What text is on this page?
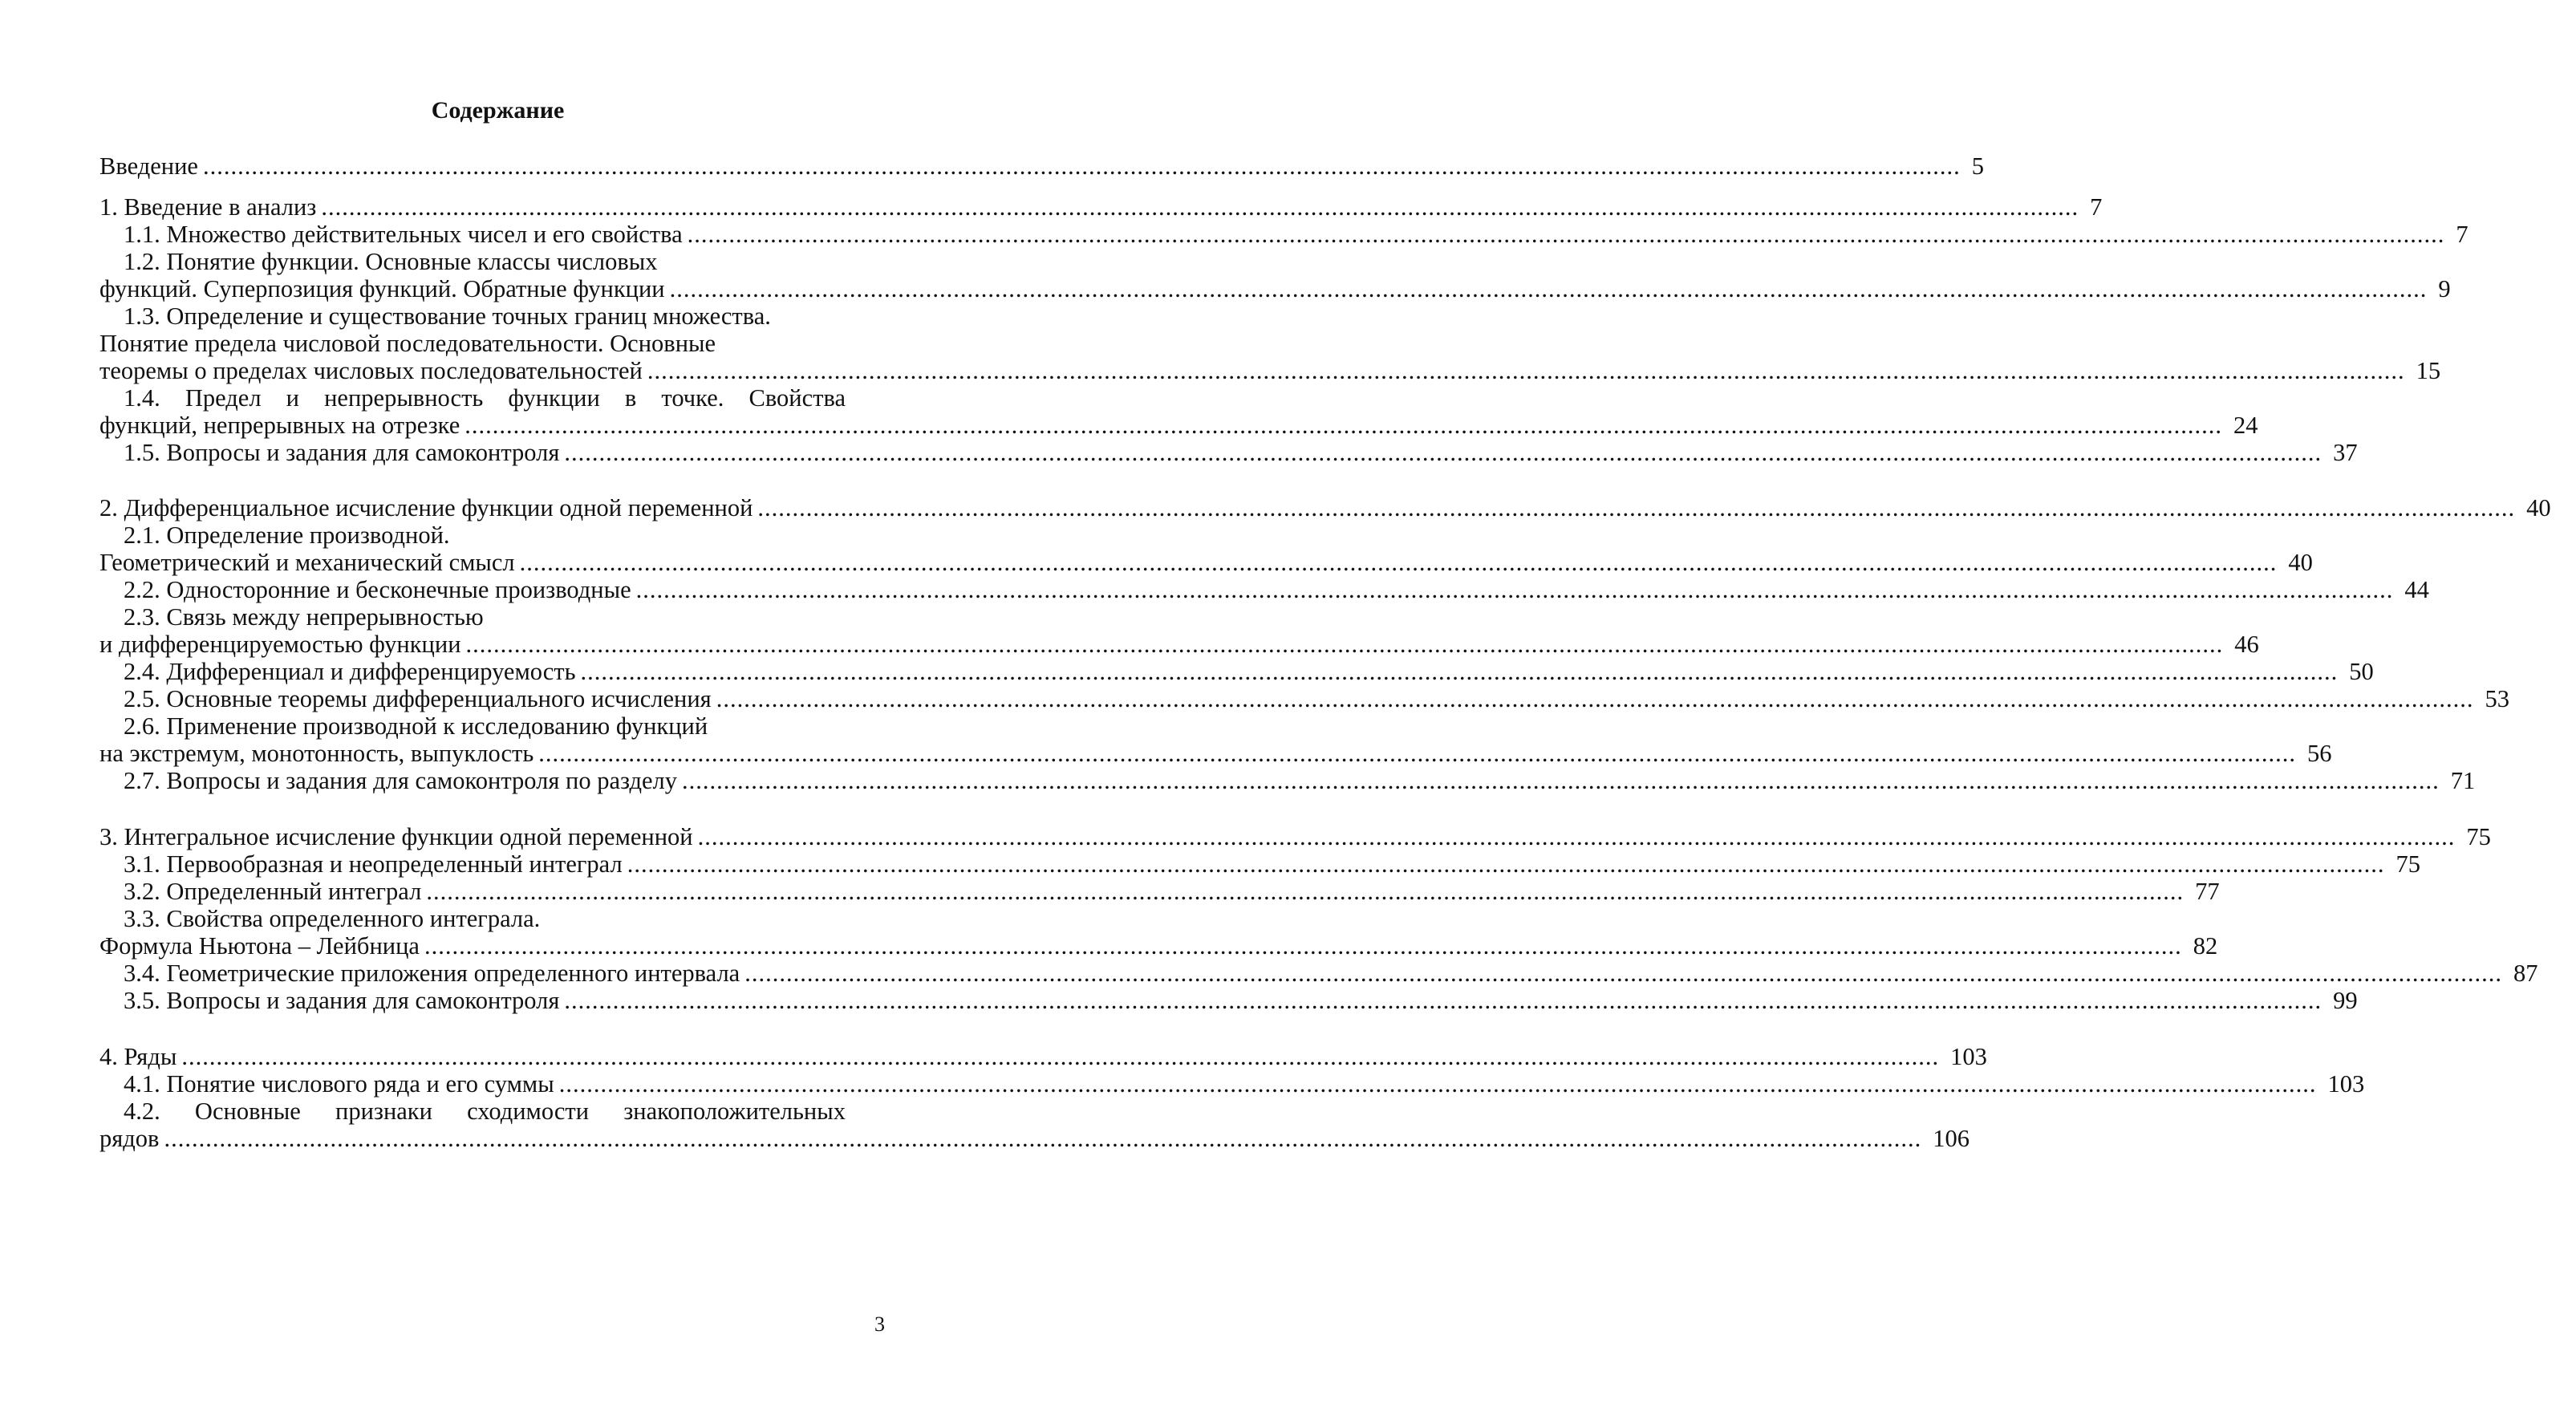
Содержание
Введение .....	5
1. Введение в анализ .....	7
1.1. Множество действительных чисел и его свойства .....	7
1.2. Понятие функции. Основные классы числовых
функций. Суперпозиция функций. Обратные функции .....	9
1.3. Определение и существование точных границ множества.
Понятие предела числовой последовательности. Основные
теоремы о пределах числовых последовательностей .....	15
1.4. Предел и непрерывность функции в точке. Свойства
функций, непрерывных на отрезке .....	24
1.5. Вопросы и задания для самоконтроля .....	37
2. Дифференциальное исчисление функции одной переменной .....	40
2.1. Определение производной.
Геометрический и механический смысл .....	40
2.2. Односторонние и бесконечные производные .....	44
2.3. Связь между непрерывностью
и дифференцируемостью функции .....	46
2.4. Дифференциал и дифференцируемость .....	50
2.5. Основные теоремы дифференциального исчисления .....	53
2.6. Применение производной к исследованию функций
на экстремум, монотонность, выпуклость .....	56
2.7. Вопросы и задания для самоконтроля по разделу .....	71
3. Интегральное исчисление функции одной переменной .....	75
3.1. Первообразная и неопределенный интеграл .....	75
3.2. Определенный интеграл .....	77
3.3. Свойства определенного интеграла.
Формула Ньютона – Лейбница .....	82
3.4. Геометрические приложения определенного интервала .....	87
3.5. Вопросы и задания для самоконтроля .....	99
4. Ряды .....	103
4.1. Понятие числового ряда и его суммы .....	103
4.2. Основные признаки сходимости знакоположительных
рядов .....	106
3
